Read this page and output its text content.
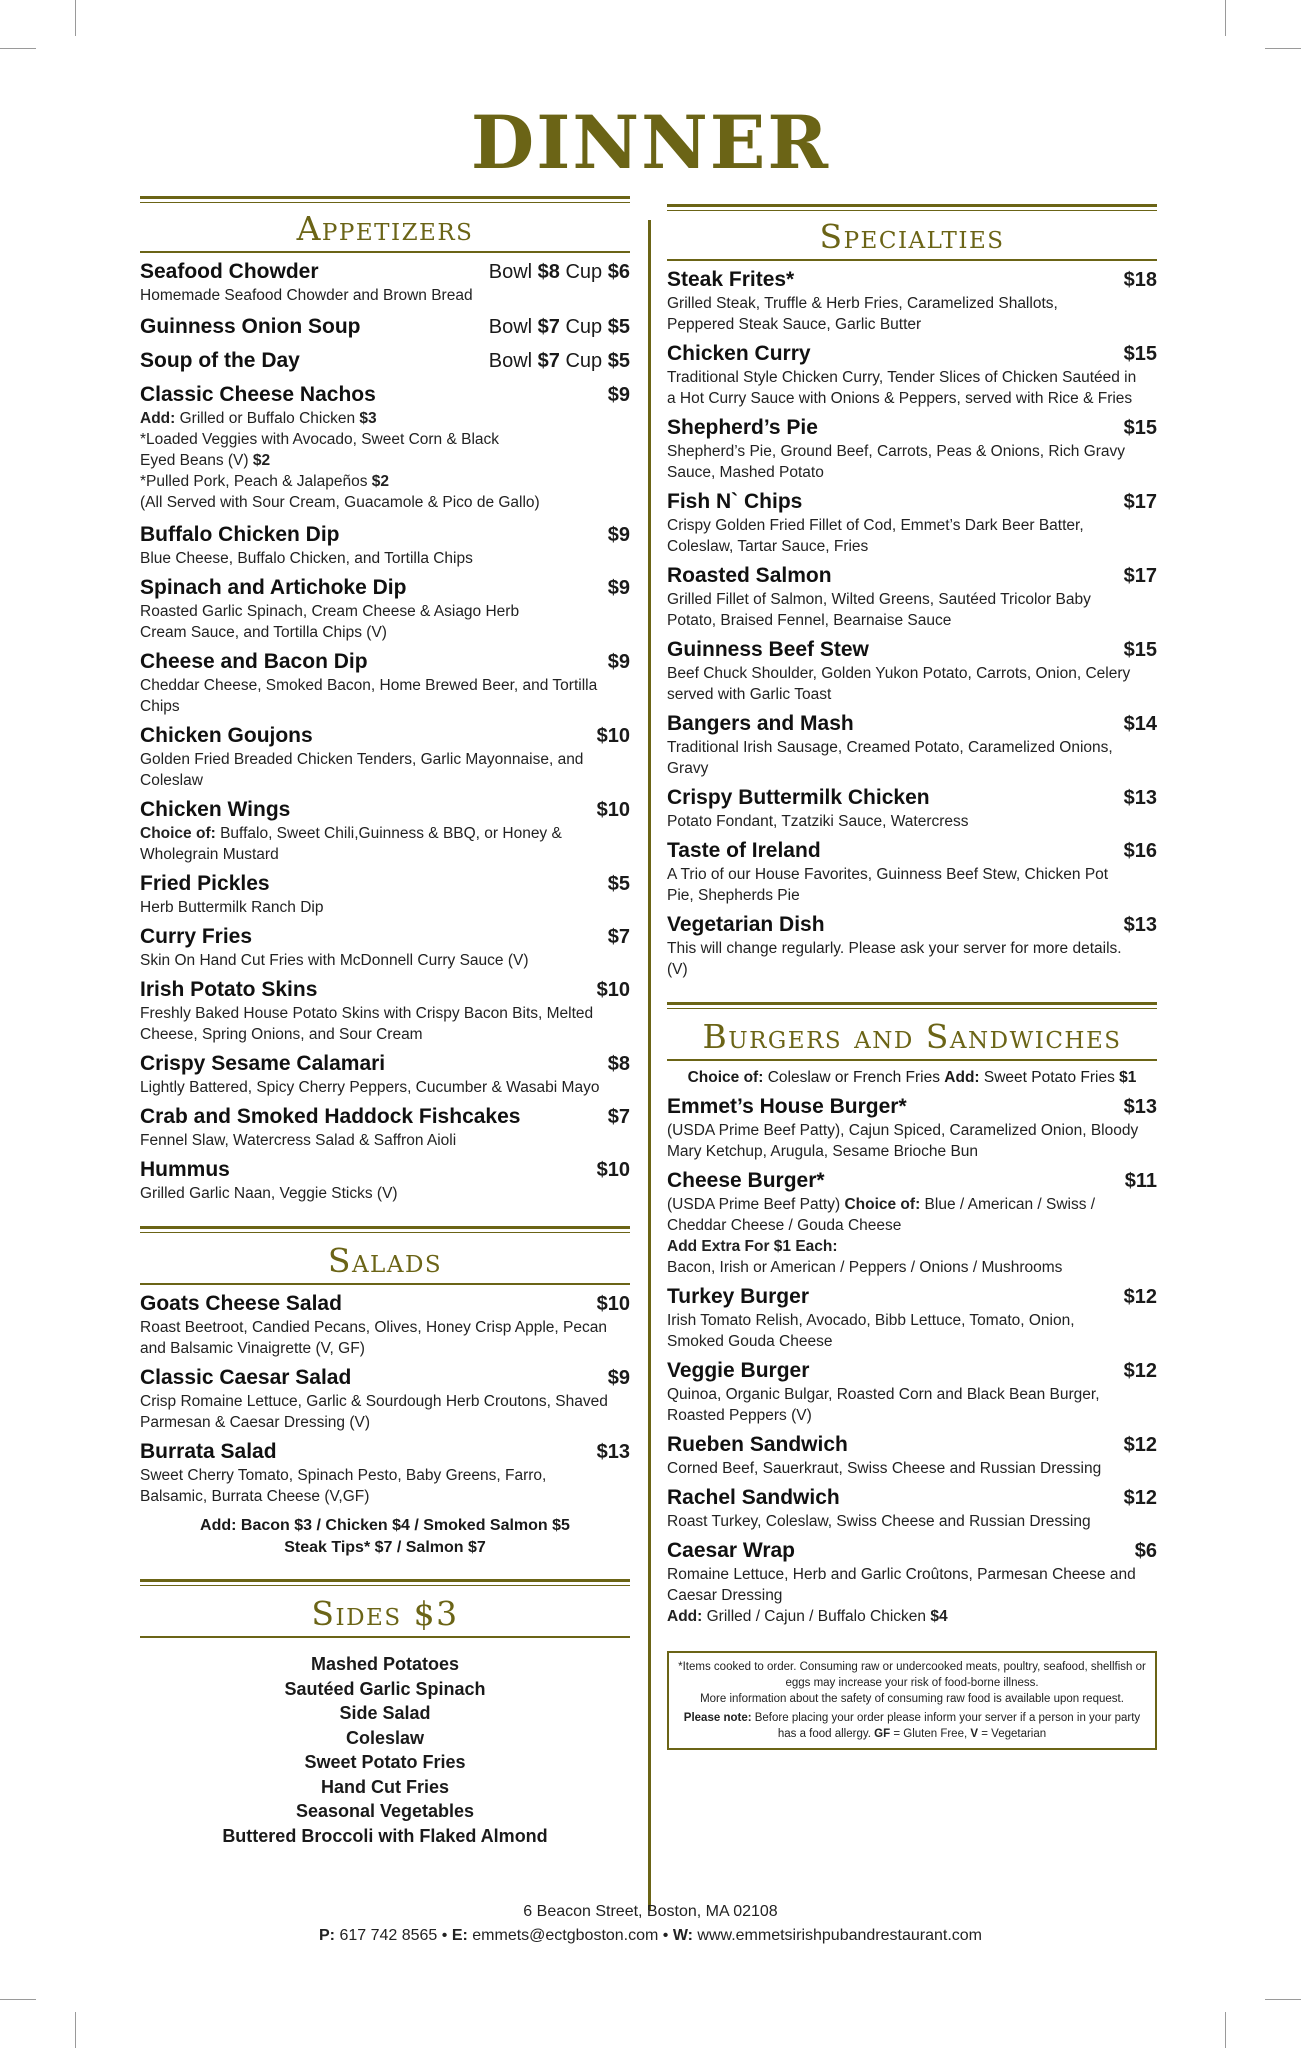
dinner
Appetizers
Seafood Chowder	Bowl $8 Cup $6
Homemade Seafood Chowder and Brown Bread
Guinness Onion Soup	Bowl $7 Cup $5
Soup of the Day	Bowl $7 Cup $5
Classic Cheese Nachos	$9
Add: Grilled or Buffalo Chicken $3
*Loaded Veggies with Avocado, Sweet Corn & Black Eyed Beans (V) $2
*Pulled Pork, Peach & Jalapeños $2
(All Served with Sour Cream, Guacamole & Pico de Gallo)
Buffalo Chicken Dip	$9
Blue Cheese, Buffalo Chicken, and Tortilla Chips
Spinach and Artichoke Dip	$9
Roasted Garlic Spinach, Cream Cheese & Asiago Herb Cream Sauce, and Tortilla Chips (V)
Cheese and Bacon Dip	$9
Cheddar Cheese, Smoked Bacon, Home Brewed Beer, and Tortilla Chips
Chicken Goujons	$10
Golden Fried Breaded Chicken Tenders, Garlic Mayonnaise, and Coleslaw
Chicken Wings	$10
Choice of: Buffalo, Sweet Chili,Guinness & BBQ, or Honey & Wholegrain Mustard
Fried Pickles	$5
Herb Buttermilk Ranch Dip
Curry Fries	$7
Skin On Hand Cut Fries with McDonnell Curry Sauce (V)
Irish Potato Skins	$10
Freshly Baked House Potato Skins with Crispy Bacon Bits, Melted Cheese, Spring Onions, and Sour Cream
Crispy Sesame Calamari	$8
Lightly Battered, Spicy Cherry Peppers, Cucumber & Wasabi Mayo
Crab and Smoked Haddock Fishcakes	$7
Fennel Slaw, Watercress Salad & Saffron Aioli
Hummus	$10
Grilled Garlic Naan, Veggie Sticks (V)
Salads
Goats Cheese Salad	$10
Roast Beetroot, Candied Pecans, Olives, Honey Crisp Apple, Pecan and Balsamic Vinaigrette (V, GF)
Classic Caesar Salad	$9
Crisp Romaine Lettuce, Garlic & Sourdough Herb Croutons, Shaved Parmesan & Caesar Dressing (V)
Burrata Salad	$13
Sweet Cherry Tomato, Spinach Pesto, Baby Greens, Farro, Balsamic, Burrata Cheese (V,GF)
Add: Bacon $3 / Chicken $4 / Smoked Salmon $5
Steak Tips* $7 / Salmon $7
Sides $3
Mashed Potatoes
Sautéed Garlic Spinach
Side Salad
Coleslaw
Sweet Potato Fries
Hand Cut Fries
Seasonal Vegetables
Buttered Broccoli with Flaked Almond
Specialties
Steak Frites*	$18
Grilled Steak, Truffle & Herb Fries, Caramelized Shallots, Peppered Steak Sauce, Garlic Butter
Chicken Curry	$15
Traditional Style Chicken Curry, Tender Slices of Chicken Sautéed in a Hot Curry Sauce with Onions & Peppers, served with Rice & Fries
Shepherd’s Pie	$15
Shepherd’s Pie, Ground Beef, Carrots, Peas & Onions, Rich Gravy Sauce, Mashed Potato
Fish N` Chips	$17
Crispy Golden Fried Fillet of Cod, Emmet’s Dark Beer Batter, Coleslaw, Tartar Sauce, Fries
Roasted Salmon	$17
Grilled Fillet of Salmon, Wilted Greens, Sautéed Tricolor Baby Potato, Braised Fennel, Bearnaise Sauce
Guinness Beef Stew	$15
Beef Chuck Shoulder, Golden Yukon Potato, Carrots, Onion, Celery served with Garlic Toast
Bangers and Mash	$14
Traditional Irish Sausage, Creamed Potato, Caramelized Onions, Gravy
Crispy Buttermilk Chicken	$13
Potato Fondant, Tzatziki Sauce, Watercress
Taste of Ireland	$16
A Trio of our House Favorites, Guinness Beef Stew, Chicken Pot Pie, Shepherds Pie
Vegetarian Dish	$13
This will change regularly. Please ask your server for more details. (V)
Burgers and Sandwiches
Choice of: Coleslaw or French Fries Add: Sweet Potato Fries $1
Emmet’s House Burger*	$13
(USDA Prime Beef Patty), Cajun Spiced, Caramelized Onion, Bloody Mary Ketchup, Arugula, Sesame Brioche Bun
Cheese Burger*	$11
(USDA Prime Beef Patty) Choice of: Blue / American / Swiss / Cheddar Cheese / Gouda Cheese
Add Extra For $1 Each:
Bacon, Irish or American / Peppers / Onions / Mushrooms
Turkey Burger	$12
Irish Tomato Relish, Avocado, Bibb Lettuce, Tomato, Onion, Smoked Gouda Cheese
Veggie Burger	$12
Quinoa, Organic Bulgar, Roasted Corn and Black Bean Burger, Roasted Peppers (V)
Rueben Sandwich	$12
Corned Beef, Sauerkraut, Swiss Cheese and Russian Dressing
Rachel Sandwich	$12
Roast Turkey, Coleslaw, Swiss Cheese and Russian Dressing
Caesar Wrap	$6
Romaine Lettuce, Herb and Garlic Croûtons, Parmesan Cheese and Caesar Dressing
Add: Grilled / Cajun / Buffalo Chicken $4
*Items cooked to order. Consuming raw or undercooked meats, poultry, seafood, shellfish or eggs may increase your risk of food-borne illness.
More information about the safety of consuming raw food is available upon request.
Please note: Before placing your order please inform your server if a person in your party has a food allergy. GF = Gluten Free, V = Vegetarian
6 Beacon Street, Boston, MA 02108
P: 617 742 8565 • E: emmets@ectgboston.com • W: www.emmetsirishpubandrestaurant.com
